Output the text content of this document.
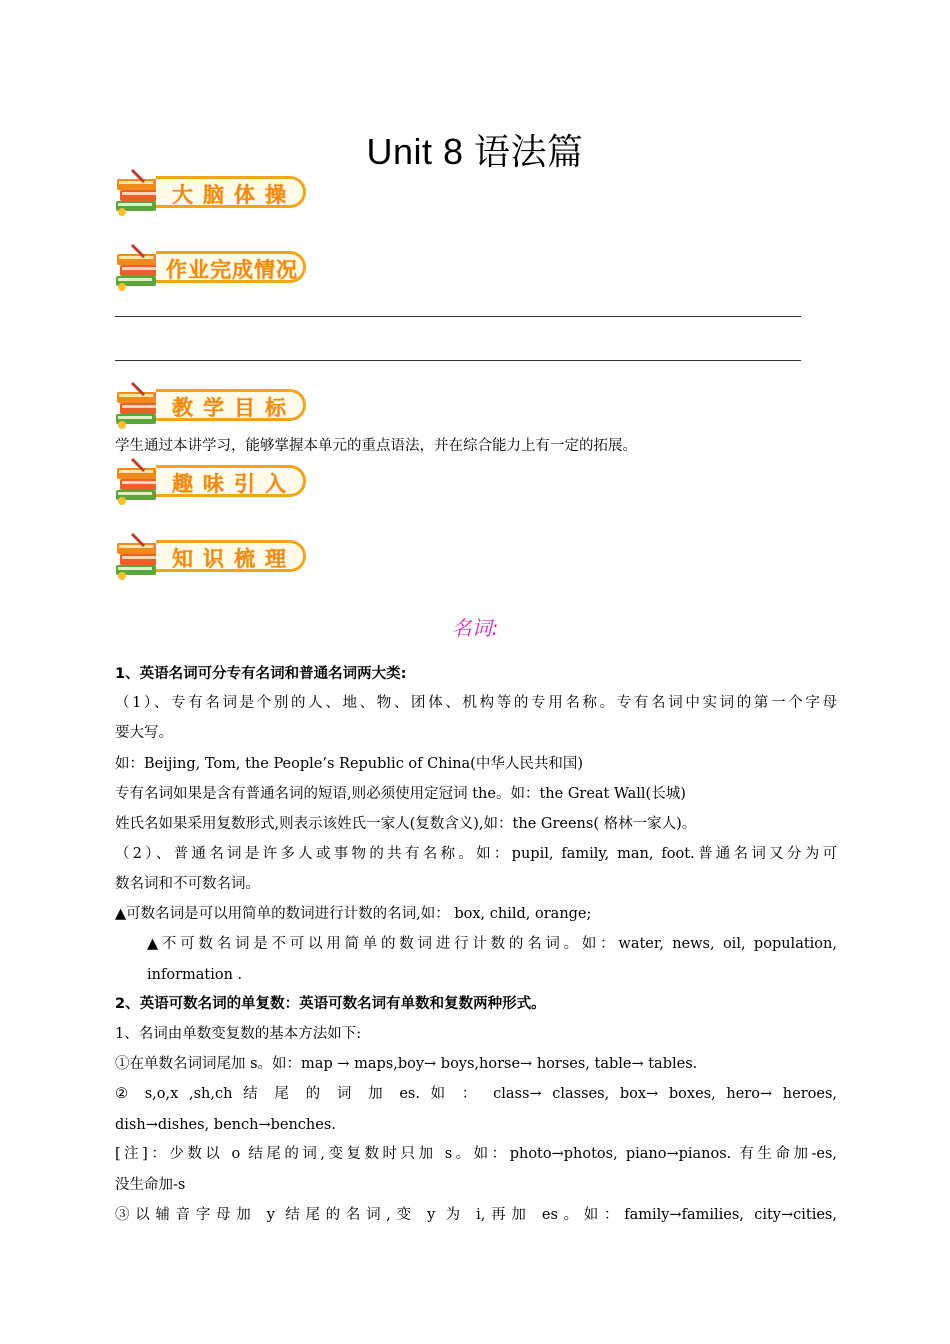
Unit 8 语法篇
大脑体操
作业完成情况
教学目标
学生通过本讲学习，能够掌握本单元的重点语法，并在综合能力上有一定的拓展。
趣味引入
知识梳理
名词:
1、英语名词可分专有名词和普通名词两大类:
（1）、专有名词是个别的人、地、物、团体、机构等的专用名称。专有名词中实词的第一个字母
要大写。
如：Beijing, Tom, the People’s Republic of China(中华人民共和国)
专有名词如果是含有普通名词的短语,则必须使用定冠词 the。如：the Great Wall(长城)
姓氏名如果采用复数形式,则表示该姓氏一家人(复数含义),如：the Greens( 格林一家人)。
（2）、普通名词是许多人或事物的共有名称。如：pupil, family, man, foot.普通名词又分为可
数名词和不可数名词。
▲可数名词是可以用简单的数词进行计数的名词,如： box, child, orange;
▲不可数名词是不可以用简单的数词进行计数的名词。如：water, news, oil, population,
information .
2、英语可数名词的单复数：英语可数名词有单数和复数两种形式。
1、名词由单数变复数的基本方法如下:
①在单数名词词尾加 s。如：map → maps,boy→ boys,horse→ horses, table→ tables.
② s,o,x ,sh,ch 结 尾 的 词 加 es. 如 ： class→ classes, box→ boxes, hero→ heroes,
dish→dishes, bench→benches.
[注]：少数以 o 结尾的词,变复数时只加 s。如：photo→photos, piano→pianos. 有生命加-es,
没生命加-s
③以辅音字母加 y 结尾的名词,变 y 为 i,再加 es。如：family→families, city→cities,
